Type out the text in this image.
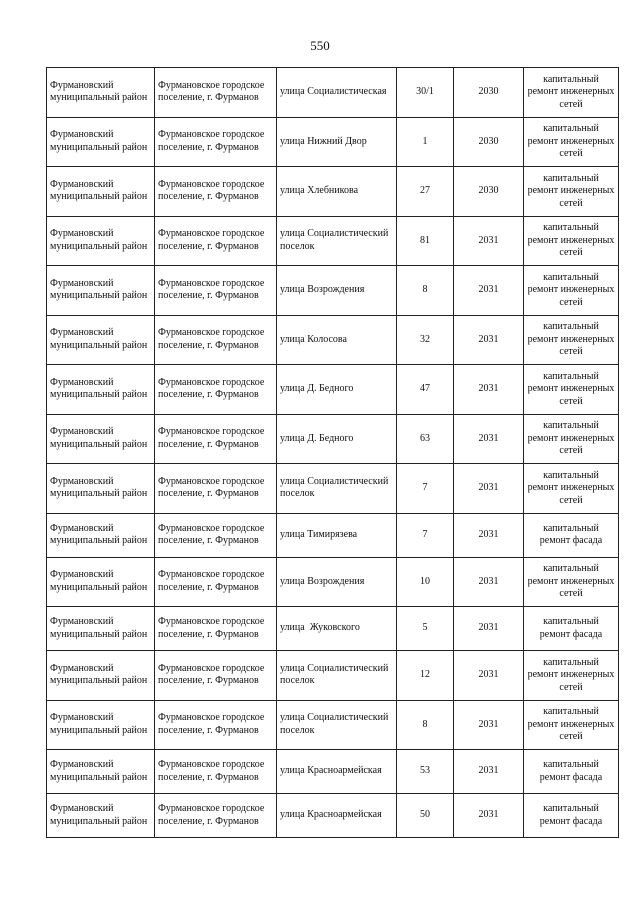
550
Фурмановский муниципальный район	Фурмановское городское поселение, г. Фурманов	улица Социалистическая	30/1	2030	капитальный ремонт инженерных сетей
Фурмановский муниципальный район	Фурмановское городское поселение, г. Фурманов	улица Нижний Двор	1	2030	капитальный ремонт инженерных сетей
Фурмановский муниципальный район	Фурмановское городское поселение, г. Фурманов	улица Хлебникова	27	2030	капитальный ремонт инженерных сетей
Фурмановский муниципальный район	Фурмановское городское поселение, г. Фурманов	улица Социалистический поселок	81	2031	капитальный ремонт инженерных сетей
Фурмановский муниципальный район	Фурмановское городское поселение, г. Фурманов	улица Возрождения	8	2031	капитальный ремонт инженерных сетей
Фурмановский муниципальный район	Фурмановское городское поселение, г. Фурманов	улица Колосова	32	2031	капитальный ремонт инженерных сетей
Фурмановский муниципальный район	Фурмановское городское поселение, г. Фурманов	улица Д. Бедного	47	2031	капитальный ремонт инженерных сетей
Фурмановский муниципальный район	Фурмановское городское поселение, г. Фурманов	улица Д. Бедного	63	2031	капитальный ремонт инженерных сетей
Фурмановский муниципальный район	Фурмановское городское поселение, г. Фурманов	улица Социалистический поселок	7	2031	капитальный ремонт инженерных сетей
Фурмановский муниципальный район	Фурмановское городское поселение, г. Фурманов	улица Тимирязева	7	2031	капитальный ремонт фасада
Фурмановский муниципальный район	Фурмановское городское поселение, г. Фурманов	улица Возрождения	10	2031	капитальный ремонт инженерных сетей
Фурмановский муниципальный район	Фурмановское городское поселение, г. Фурманов	улица  Жуковского	5	2031	капитальный ремонт фасада
Фурмановский муниципальный район	Фурмановское городское поселение, г. Фурманов	улица Социалистический поселок	12	2031	капитальный ремонт инженерных сетей
Фурмановский муниципальный район	Фурмановское городское поселение, г. Фурманов	улица Социалистический поселок	8	2031	капитальный ремонт инженерных сетей
Фурмановский муниципальный район	Фурмановское городское поселение, г. Фурманов	улица Красноармейская	53	2031	капитальный ремонт фасада
Фурмановский муниципальный район	Фурмановское городское поселение, г. Фурманов	улица Красноармейская	50	2031	капитальный ремонт фасада
